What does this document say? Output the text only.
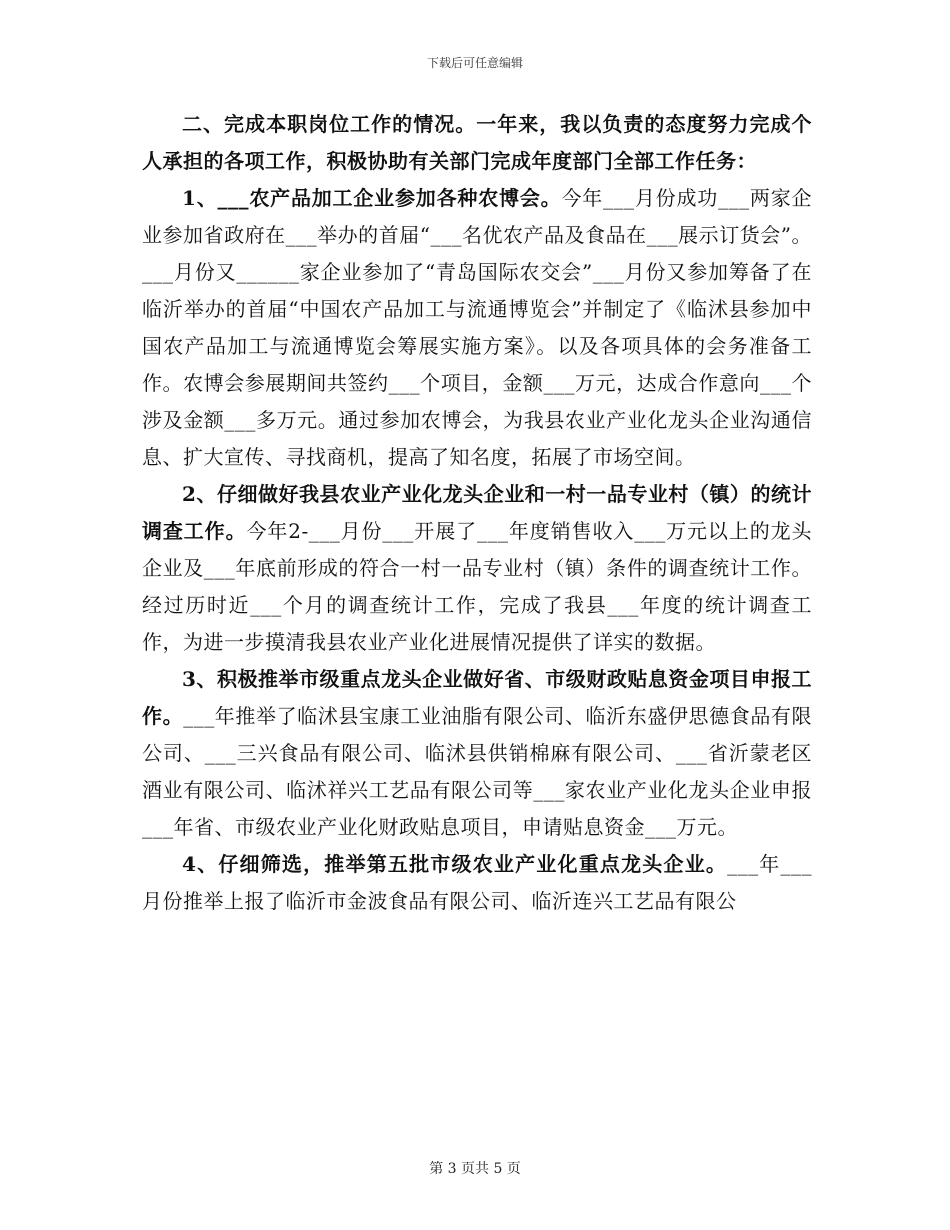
下载后可任意编辑

二、完成本职岗位工作的情况。一年来，我以负责的态度努力完成个人承担的各项工作，积极协助有关部门完成年度部门全部工作任务：

1、___农产品加工企业参加各种农博会。今年___月份成功___两家企业参加省政府在___举办的首届“___名优农产品及食品在___展示订货会”。___月份又______家企业参加了“青岛国际农交会”___月份又参加筹备了在临沂举办的首届“中国农产品加工与流通博览会”并制定了《临沭县参加中国农产品加工与流通博览会筹展实施方案》。以及各项具体的会务准备工作。农博会参展期间共签约___个项目，金额___万元，达成合作意向___个涉及金额___多万元。通过参加农博会，为我县农业产业化龙头企业沟通信息、扩大宣传、寻找商机，提高了知名度，拓展了市场空间。

2、仔细做好我县农业产业化龙头企业和一村一品专业村（镇）的统计调查工作。今年2-___月份___开展了___年度销售收入___万元以上的龙头企业及___年底前形成的符合一村一品专业村（镇）条件的调查统计工作。经过历时近___个月的调查统计工作，完成了我县___年度的统计调查工作，为进一步摸清我县农业产业化进展情况提供了详实的数据。

3、积极推举市级重点龙头企业做好省、市级财政贴息资金项目申报工作。___年推举了临沭县宝康工业油脂有限公司、临沂东盛伊思德食品有限公司、___三兴食品有限公司、临沭县供销棉麻有限公司、___省沂蒙老区酒业有限公司、临沭祥兴工艺品有限公司等___家农业产业化龙头企业申报___年省、市级农业产业化财政贴息项目，申请贴息资金___万元。

4、仔细筛选，推举第五批市级农业产业化重点龙头企业。___年___月份推举上报了临沂市金波食品有限公司、临沂连兴工艺品有限公

第 3 页共 5 页
